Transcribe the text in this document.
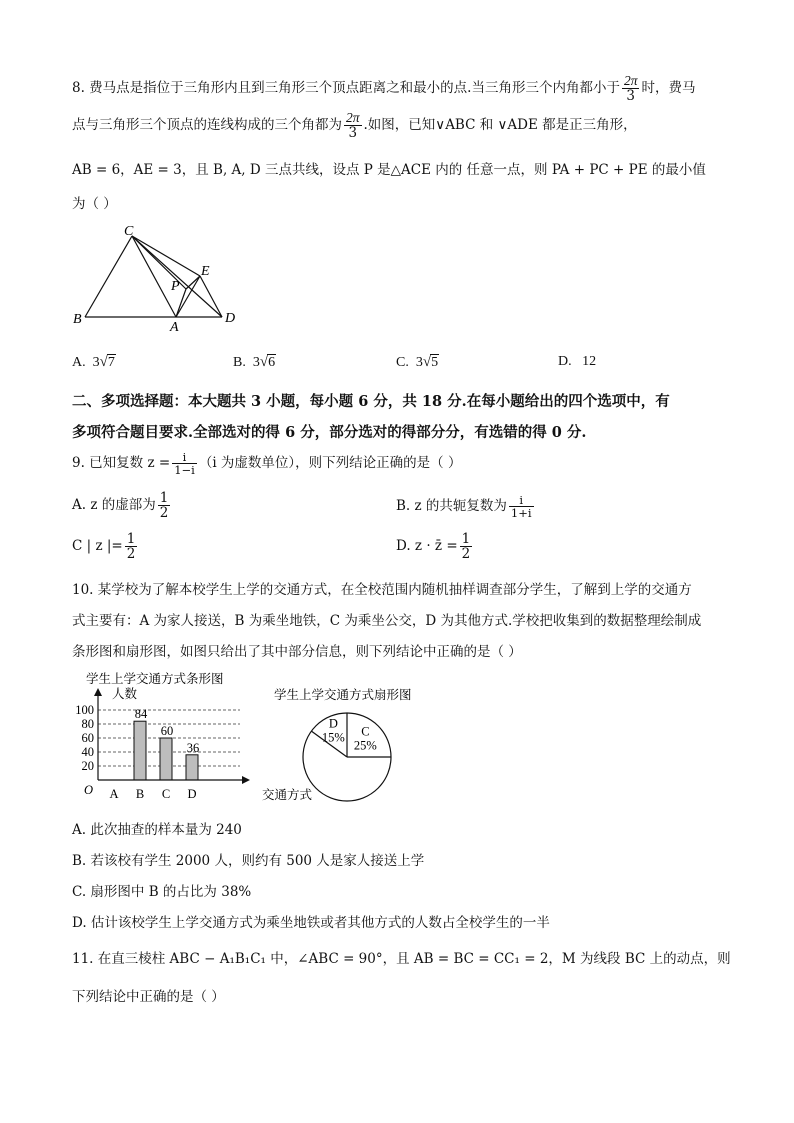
8. 费马点是指位于三角形内且到三角形三个顶点距离之和最小的点.当三角形三个内角都小于 $\frac{2\pi}{3}$ 时，费马
点与三角形三个顶点的连线构成的三个角都为 $\frac{2\pi}{3}$ .如图，已知∨ABC 和 ∨ADE 都是正三角形，
AB = 6，AE = 3，且 B, A, D 三点共线，设点 P 是△ACE 内的 任意一点，则 PA + PC + PE 的最小值
为（ ）
C
E
P
B
A
D
A. 3√7	B. 3√6	C. 3√5	D. 12
二、多项选择题：本大题共 3 小题，每小题 6 分，共 18 分.在每小题给出的四个选项中，有
多项符合题目要求.全部选对的得 6 分，部分选对的得部分分，有选错的得 0 分.
9. 已知复数 $z = \frac{i}{1-i} (i$ 为虚数单位），则下列结论正确的是（ ）
A. z 的虚部为 $\frac{1}{2}$	B. z 的共轭复数为 $\frac{i}{1+i}$
C | z |= $\frac{1}{2}$	D. z · z̄ = $\frac{1}{2}$
10. 某学校为了解本校学生上学的交通方式，在全校范围内随机抽样调查部分学生，了解到上学的交通方
式主要有：A 为家人接送，B 为乘坐地铁，C 为乘坐公交，D 为其他方式.学校把收集到的数据整理绘制成
条形图和扇形图，如图只给出了其中部分信息，则下列结论中正确的是（ ）
学生上学交通方式条形图
人数
交通方式
O
100
80
60
40
20
A B
84
C
60
D
36
学生上学交通方式扇形图
D
15% C
25%
A. 此次抽查的样本量为 240
B. 若该校有学生 2000 人，则约有 500 人是家人接送上学
C. 扇形图中 B 的占比为 38%
D. 估计该校学生上学交通方式为乘坐地铁或者其他方式的人数占全校学生的一半
11. 在直三棱柱 ABC − A₁B₁C₁ 中，∠ABC = 90°，且 AB = BC = CC₁ = 2，M 为线段 BC 上的动点，则
下列结论中正确的是（ ）
